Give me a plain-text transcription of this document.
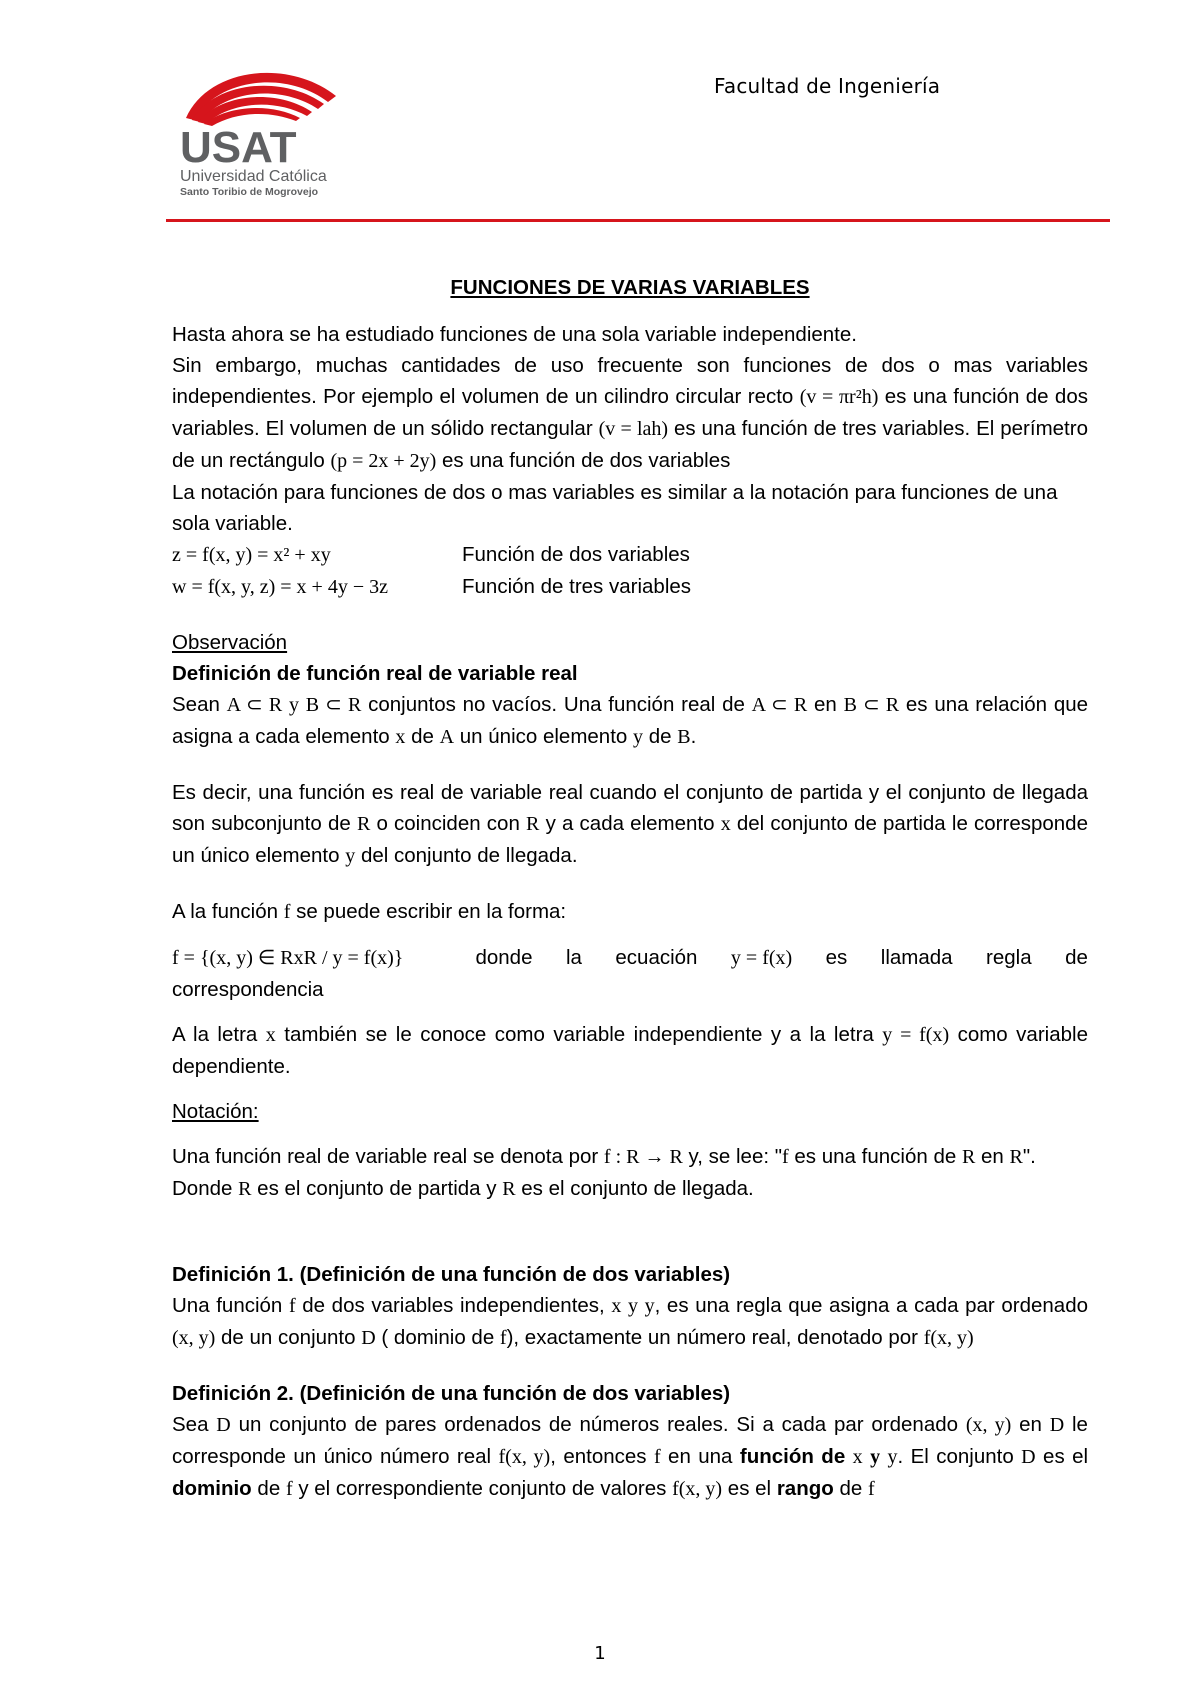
USAT
Universidad Católica
Santo Toribio de Mogrovejo
Facultad de Ingeniería
FUNCIONES DE VARIAS VARIABLES

Hasta ahora se ha estudiado funciones de una sola variable independiente.

Sin embargo, muchas cantidades de uso frecuente son funciones de dos o mas variables independientes. Por ejemplo el volumen de un cilindro circular recto (v = πr²h) es una función de dos variables. El volumen de un sólido rectangular (v = lah) es una función de tres variables. El perímetro de un rectángulo (p = 2x + 2y) es una función de dos variables

La notación para funciones de dos o mas variables es similar a la notación para funciones de una sola variable.

z = f(x, y) = x² + xy	Función de dos variables
w = f(x, y, z) = x + 4y − 3z	Función de tres variables

Observación

Definición de función real de variable real

Sean A ⊂ R y B ⊂ R conjuntos no vacíos. Una función real de A ⊂ R en B ⊂ R es una relación que asigna a cada elemento x de A un único elemento y de B.

Es decir, una función es real de variable real cuando el conjunto de partida y el conjunto de llegada son subconjunto de R o coinciden con R y a cada elemento x del conjunto de partida le corresponde un único elemento y del conjunto de llegada.

A la función f se puede escribir en la forma:

f = {(x, y) ∈ RxR / y = f(x)}	donde la ecuación y = f(x) es llamada regla de

correspondencia

A la letra x también se le conoce como variable independiente y a la letra y = f(x) como variable dependiente.

Notación:

Una función real de variable real se denota por f : R → R y, se lee: "f es una función de R en R". Donde R es el conjunto de partida y R es el conjunto de llegada.

Definición 1. (Definición de una función de dos variables)

Una función f de dos variables independientes, x y y, es una regla que asigna a cada par ordenado (x, y) de un conjunto D ( dominio de f), exactamente un número real, denotado por f(x, y)

Definición 2. (Definición de una función de dos variables)

Sea D un conjunto de pares ordenados de números reales. Si a cada par ordenado (x, y) en D le corresponde un único número real f(x, y), entonces f en una función de x y y. El conjunto D es el dominio de f y el correspondiente conjunto de valores f(x, y) es el rango de f

1
